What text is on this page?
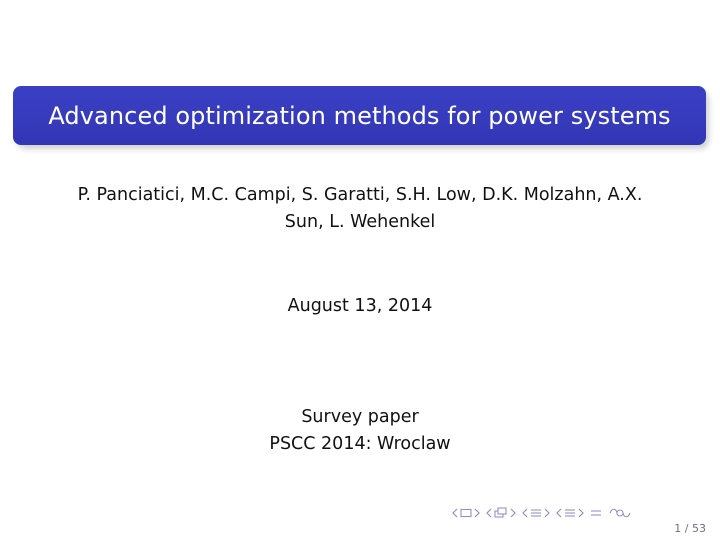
Advanced optimization methods for power systems
P. Panciatici, M.C. Campi, S. Garatti, S.H. Low, D.K. Molzahn, A.X.
Sun, L. Wehenkel
August 13, 2014
Survey paper
PSCC 2014: Wroclaw
1 / 53
